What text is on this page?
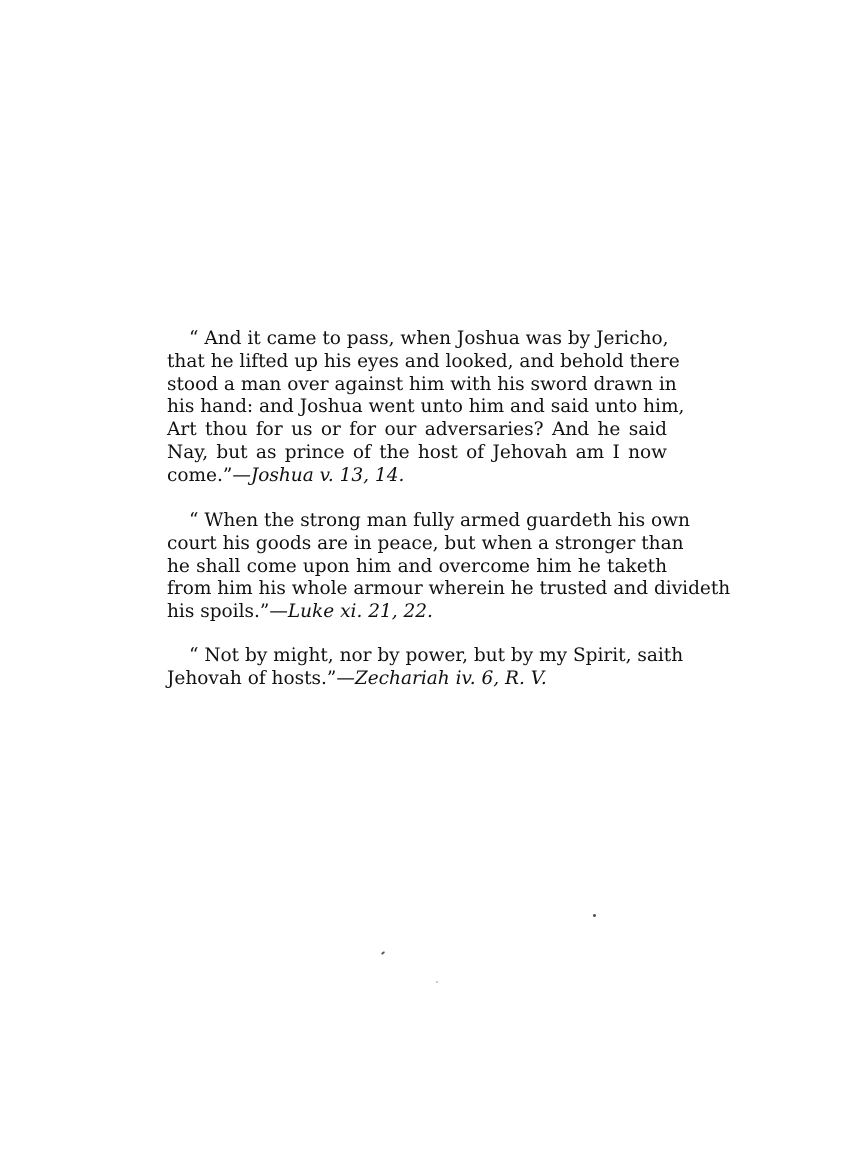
“ And it came to pass, when Joshua was by Jericho,
that he lifted up his eyes and looked, and behold there
stood a man over against him with his sword drawn in
his hand: and Joshua went unto him and said unto him,
Art thou for us or for our adversaries? And he said
Nay, but as prince of the host of Jehovah am I now
come.”—Joshua v. 13, 14.
“ When the strong man fully armed guardeth his own
court his goods are in peace, but when a stronger than
he shall come upon him and overcome him he taketh
from him his whole armour wherein he trusted and divideth
his spoils.”—Luke xi. 21, 22.
“ Not by might, nor by power, but by my Spirit, saith
Jehovah of hosts.”—Zechariah iv. 6, R. V.
